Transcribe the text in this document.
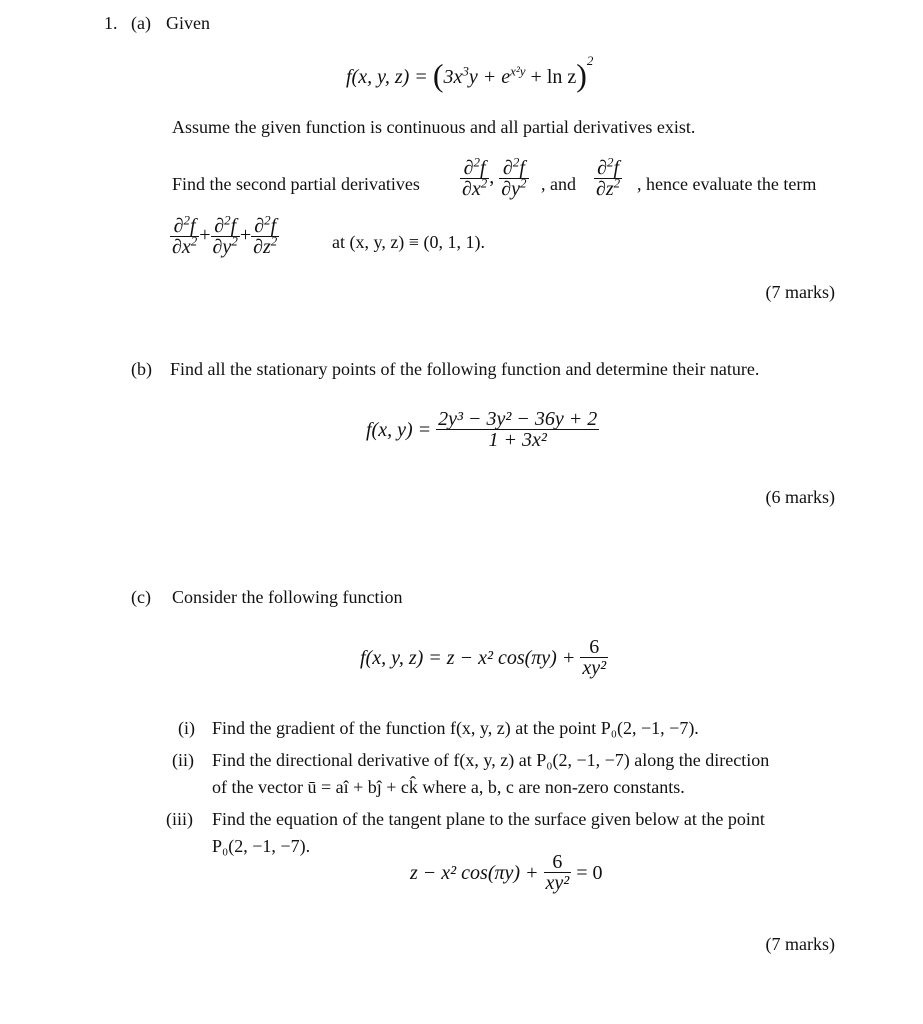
1. (a) Given
f(x, y, $z) = (3x^3y + e^{x^2y} + \ln z)^2$
Assume the given function is continuous and all partial derivatives exist.
Find the second partial derivatives $\frac{\partial^2f}{\partial x^2}$ , $\frac{\partial^2f}{\partial y^2}$ , and $\frac{\partial^2f}{\partial z^2}$ , hence evaluate the term
$\frac{\partial^2f}{\partial x^2} + \frac{\partial^2f}{\partial y^2} + \frac{\partial^2f}{\partial z^2}$	at (x, y, z) ≡ (0, 1, 1).
(7 marks)
(b) Find all the stationary points of the following function and determine their nature.
f(x, $y) = \frac{\text{2y³ − 3y² − 36y + 2}}{\text{1 + 3x²}}$
(6 marks)
(c) Consider the following function
f(x, y, z) = z − x² $\cos(\pi y) + \frac{6}{\text{xy²}}$
(i) Find the gradient of the function f(x, y, z) at the point P₀(2, −1, −7).
(ii) Find the directional derivative of f(x, y, z) at P₀(2, −1, −7) along the direction
of the vector ū = aî + bĵ + ck̂ where a, b, c are non-zero constants.
(iii) Find the equation of the tangent plane to the surface given below at the point
P₀(2, −1, −7).
z − x² $\cos(\pi y) + \frac{6}{\text{xy²}} = 0$
(7 marks)
